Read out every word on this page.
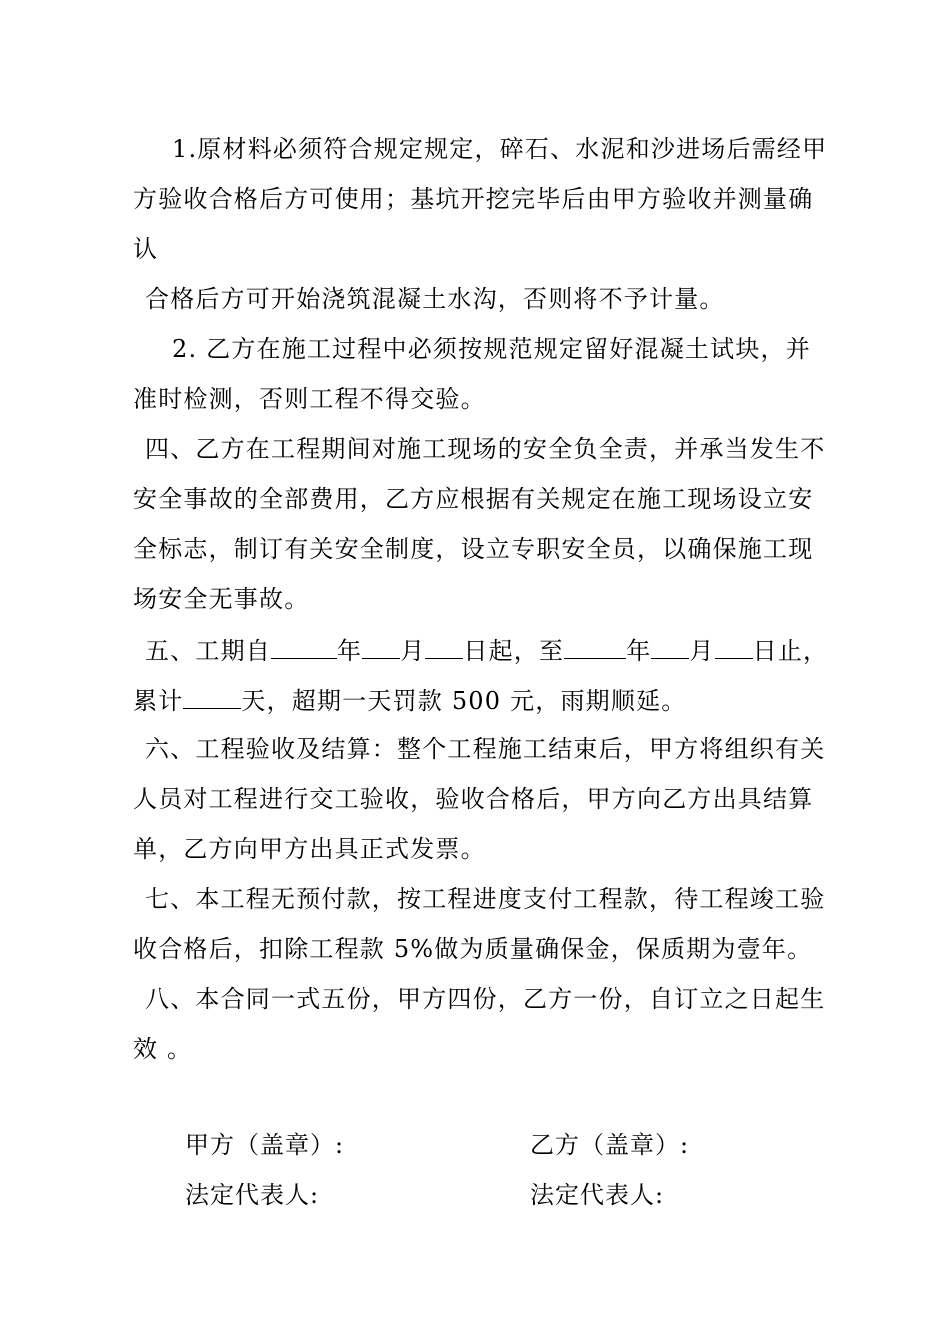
1.原材料必须符合规定规定，碎石、水泥和沙进场后需经甲
方验收合格后方可使用；基坑开挖完毕后由甲方验收并测量确
认
合格后方可开始浇筑混凝土水沟，否则将不予计量。
2. 乙方在施工过程中必须按规范规定留好混凝土试块，并
准时检测，否则工程不得交验。
四、乙方在工程期间对施工现场的安全负全责，并承当发生不
安全事故的全部费用，乙方应根据有关规定在施工现场设立安
全标志，制订有关安全制度，设立专职安全员，以确保施工现
场安全无事故。
五、工期自	年 月 日起，至	年 月 日止，
累计 天，超期一天罚款 500 元，雨期顺延。
六、工程验收及结算：整个工程施工结束后，甲方将组织有关
人员对工程进行交工验收，验收合格后，甲方向乙方出具结算
单，乙方向甲方出具正式发票。
七、本工程无预付款，按工程进度支付工程款，待工程竣工验
收合格后，扣除工程款 5%做为质量确保金，保质期为壹年。
八、本合同一式五份，甲方四份，乙方一份，自订立之日起生
效 。
甲方（盖章）:	乙方（盖章）:
法定代表人:	法定代表人:
